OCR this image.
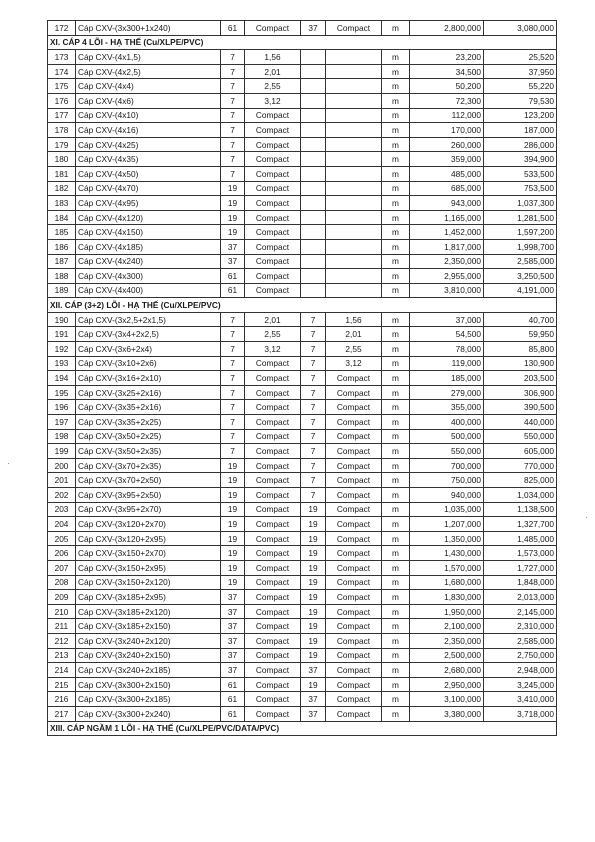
172	Cáp CXV-(3x300+1x240)	61	Compact	37	Compact	m	2,800,000	3,080,000
XI. CÁP 4 LÕI - HẠ THẾ (Cu/XLPE/PVC)								
173	Cáp CXV-(4x1,5)	7	1,56			m	23,200	25,520
174	Cáp CXV-(4x2,5)	7	2,01			m	34,500	37,950
175	Cáp CXV-(4x4)	7	2,55			m	50,200	55,220
176	Cáp CXV-(4x6)	7	3,12			m	72,300	79,530
177	Cáp CXV-(4x10)	7	Compact			m	112,000	123,200
178	Cáp CXV-(4x16)	7	Compact			m	170,000	187,000
179	Cáp CXV-(4x25)	7	Compact			m	260,000	286,000
180	Cáp CXV-(4x35)	7	Compact			m	359,000	394,900
181	Cáp CXV-(4x50)	7	Compact			m	485,000	533,500
182	Cáp CXV-(4x70)	19	Compact			m	685,000	753,500
183	Cáp CXV-(4x95)	19	Compact			m	943,000	1,037,300
184	Cáp CXV-(4x120)	19	Compact			m	1,165,000	1,281,500
185	Cáp CXV-(4x150)	19	Compact			m	1,452,000	1,597,200
186	Cáp CXV-(4x185)	37	Compact			m	1,817,000	1,998,700
187	Cáp CXV-(4x240)	37	Compact			m	2,350,000	2,585,000
188	Cáp CXV-(4x300)	61	Compact			m	2,955,000	3,250,500
189	Cáp CXV-(4x400)	61	Compact			m	3,810,000	4,191,000
XII. CÁP (3+2) LÕI - HẠ THẾ (Cu/XLPE/PVC)								
190	Cáp CXV-(3x2,5+2x1,5)	7	2,01	7	1,56	m	37,000	40,700
191	Cáp CXV-(3x4+2x2,5)	7	2,55	7	2,01	m	54,500	59,950
192	Cáp CXV-(3x6+2x4)	7	3,12	7	2,55	m	78,000	85,800
193	Cáp CXV-(3x10+2x6)	7	Compact	7	3,12	m	119,000	130,900
194	Cáp CXV-(3x16+2x10)	7	Compact	7	Compact	m	185,000	203,500
195	Cáp CXV-(3x25+2x16)	7	Compact	7	Compact	m	279,000	306,900
196	Cáp CXV-(3x35+2x16)	7	Compact	7	Compact	m	355,000	390,500
197	Cáp CXV-(3x35+2x25)	7	Compact	7	Compact	m	400,000	440,000
198	Cáp CXV-(3x50+2x25)	7	Compact	7	Compact	m	500,000	550,000
199	Cáp CXV-(3x50+2x35)	7	Compact	7	Compact	m	550,000	605,000
200	Cáp CXV-(3x70+2x35)	19	Compact	7	Compact	m	700,000	770,000
201	Cáp CXV-(3x70+2x50)	19	Compact	7	Compact	m	750,000	825,000
202	Cáp CXV-(3x95+2x50)	19	Compact	7	Compact	m	940,000	1,034,000
203	Cáp CXV-(3x95+2x70)	19	Compact	19	Compact	m	1,035,000	1,138,500
204	Cáp CXV-(3x120+2x70)	19	Compact	19	Compact	m	1,207,000	1,327,700
205	Cáp CXV-(3x120+2x95)	19	Compact	19	Compact	m	1,350,000	1,485,000
206	Cáp CXV-(3x150+2x70)	19	Compact	19	Compact	m	1,430,000	1,573,000
207	Cáp CXV-(3x150+2x95)	19	Compact	19	Compact	m	1,570,000	1,727,000
208	Cáp CXV-(3x150+2x120)	19	Compact	19	Compact	m	1,680,000	1,848,000
209	Cáp CXV-(3x185+2x95)	37	Compact	19	Compact	m	1,830,000	2,013,000
210	Cáp CXV-(3x185+2x120)	37	Compact	19	Compact	m	1,950,000	2,145,000
211	Cáp CXV-(3x185+2x150)	37	Compact	19	Compact	m	2,100,000	2,310,000
212	Cáp CXV-(3x240+2x120)	37	Compact	19	Compact	m	2,350,000	2,585,000
213	Cáp CXV-(3x240+2x150)	37	Compact	19	Compact	m	2,500,000	2,750,000
214	Cáp CXV-(3x240+2x185)	37	Compact	37	Compact	m	2,680,000	2,948,000
215	Cáp CXV-(3x300+2x150)	61	Compact	19	Compact	m	2,950,000	3,245,000
216	Cáp CXV-(3x300+2x185)	61	Compact	37	Compact	m	3,100,000	3,410,000
217	Cáp CXV-(3x300+2x240)	61	Compact	37	Compact	m	3,380,000	3,718,000
XIII. CÁP NGẦM 1 LÕI - HẠ THẾ (Cu/XLPE/PVC/DATA/PVC)								
